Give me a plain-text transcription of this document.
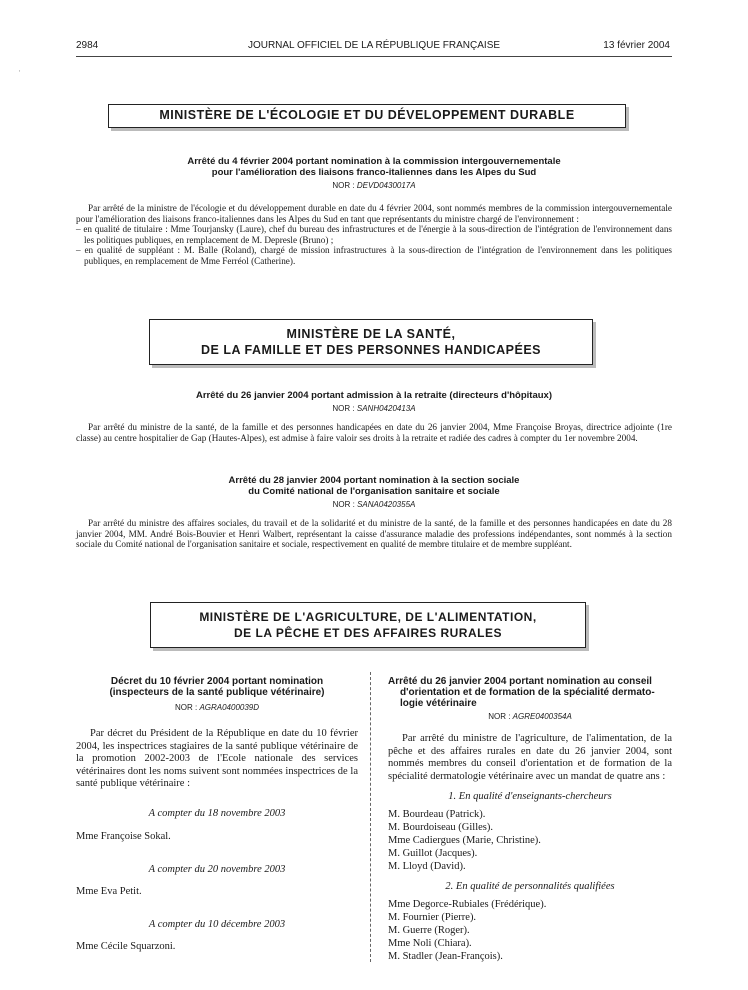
·
2984	JOURNAL OFFICIEL DE LA RÉPUBLIQUE FRANÇAISE	13 février 2004
MINISTÈRE DE L'ÉCOLOGIE ET DU DÉVELOPPEMENT DURABLE
Arrêté du 4 février 2004 portant nomination à la commission intergouvernementale
pour l'amélioration des liaisons franco-italiennes dans les Alpes du Sud
NOR : DEVD0430017A

Par arrêté de la ministre de l'écologie et du développement durable en date du 4 février 2004, sont nommés membres de la commission intergouvernementale pour l'amélioration des liaisons franco-italiennes dans les Alpes du Sud en tant que représentants du ministre chargé de l'environnement :

– en qualité de titulaire : Mme Tourjansky (Laure), chef du bureau des infrastructures et de l'énergie à la sous-direction de l'intégration de l'environnement dans les politiques publiques, en remplacement de M. Depresle (Bruno) ;

– en qualité de suppléant : M. Balle (Roland), chargé de mission infrastructures à la sous-direction de l'intégration de l'environnement dans les politiques publiques, en remplacement de Mme Ferréol (Catherine).

MINISTÈRE DE LA SANTÉ,
DE LA FAMILLE ET DES PERSONNES HANDICAPÉES
Arrêté du 26 janvier 2004 portant admission à la retraite (directeurs d'hôpitaux)
NOR : SANH0420413A

Par arrêté du ministre de la santé, de la famille et des personnes handicapées en date du 26 janvier 2004, Mme Françoise Broyas, directrice adjointe (1re classe) au centre hospitalier de Gap (Hautes-Alpes), est admise à faire valoir ses droits à la retraite et radiée des cadres à compter du 1er novembre 2004.

Arrêté du 28 janvier 2004 portant nomination à la section sociale
du Comité national de l'organisation sanitaire et sociale
NOR : SANA0420355A

Par arrêté du ministre des affaires sociales, du travail et de la solidarité et du ministre de la santé, de la famille et des personnes handicapées en date du 28 janvier 2004, MM. André Bois-Bouvier et Henri Walbert, représentant la caisse d'assurance maladie des professions indépendantes, sont nommés à la section sociale du Comité national de l'organisation sanitaire et sociale, respectivement en qualité de membre titulaire et de membre suppléant.

MINISTÈRE DE L'AGRICULTURE, DE L'ALIMENTATION,
DE LA PÊCHE ET DES AFFAIRES RURALES
Décret du 10 février 2004 portant nomination
(inspecteurs de la santé publique vétérinaire)
NOR : AGRA0400039D

Par décret du Président de la République en date du 10 février 2004, les inspectrices stagiaires de la santé publique vétérinaire de la promotion 2002-2003 de l'Ecole nationale des services vétérinaires dont les noms suivent sont nommées inspectrices de la santé publique vétérinaire :

A compter du 18 novembre 2003
Mme Françoise Sokal.
A compter du 20 novembre 2003
Mme Eva Petit.
A compter du 10 décembre 2003
Mme Cécile Squarzoni.
Arrêté du 26 janvier 2004 portant nomination au conseil
d'orientation et de formation de la spécialité dermato-
logie vétérinaire
NOR : AGRE0400354A

Par arrêté du ministre de l'agriculture, de l'alimentation, de la pêche et des affaires rurales en date du 26 janvier 2004, sont nommés membres du conseil d'orientation et de formation de la spécialité dermatologie vétérinaire avec un mandat de quatre ans :

1. En qualité d'enseignants-chercheurs
M. Bourdeau (Patrick).
M. Bourdoiseau (Gilles).
Mme Cadiergues (Marie, Christine).
M. Guillot (Jacques).
M. Lloyd (David).
2. En qualité de personnalités qualifiées
Mme Degorce-Rubiales (Frédérique).
M. Fournier (Pierre).
M. Guerre (Roger).
Mme Noli (Chiara).
M. Stadler (Jean-François).
